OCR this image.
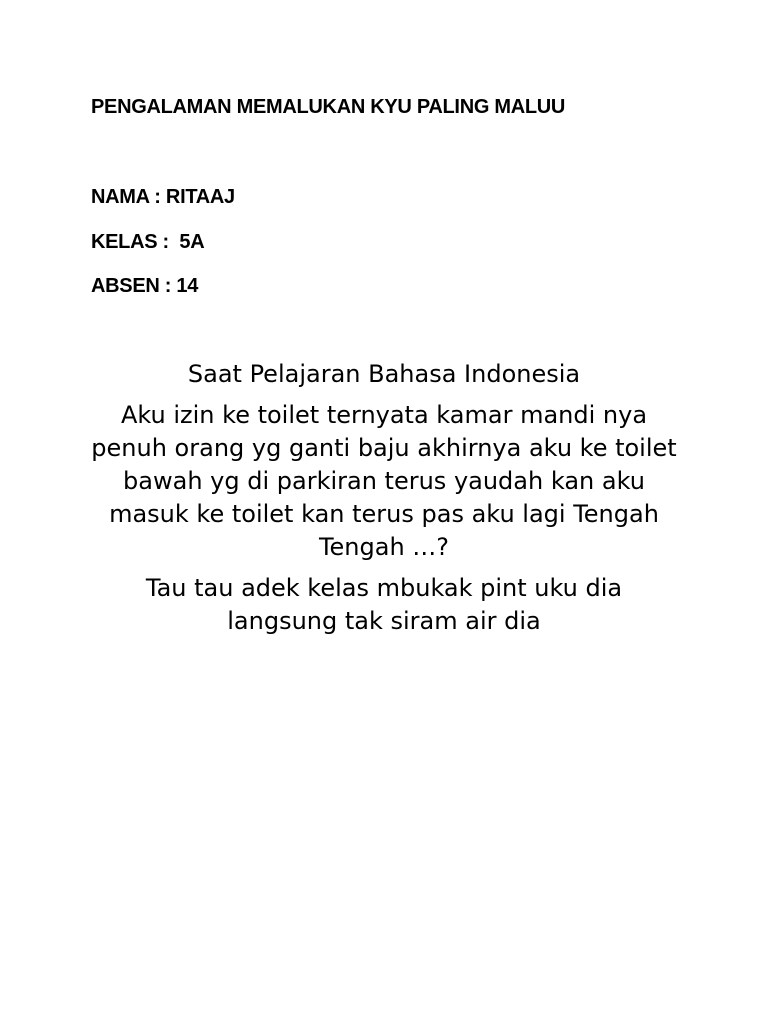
PENGALAMAN MEMALUKAN KYU PALING MALUU
NAMA : RITAAJ
KELAS :  5A
ABSEN : 14

Saat Pelajaran Bahasa Indonesia

Aku izin ke toilet ternyata kamar mandi nya penuh orang yg ganti baju akhirnya aku ke toilet bawah yg di parkiran terus yaudah kan aku masuk ke toilet kan terus pas aku lagi Tengah Tengah …?

Tau tau adek kelas mbukak pint uku dia langsung tak siram air dia
